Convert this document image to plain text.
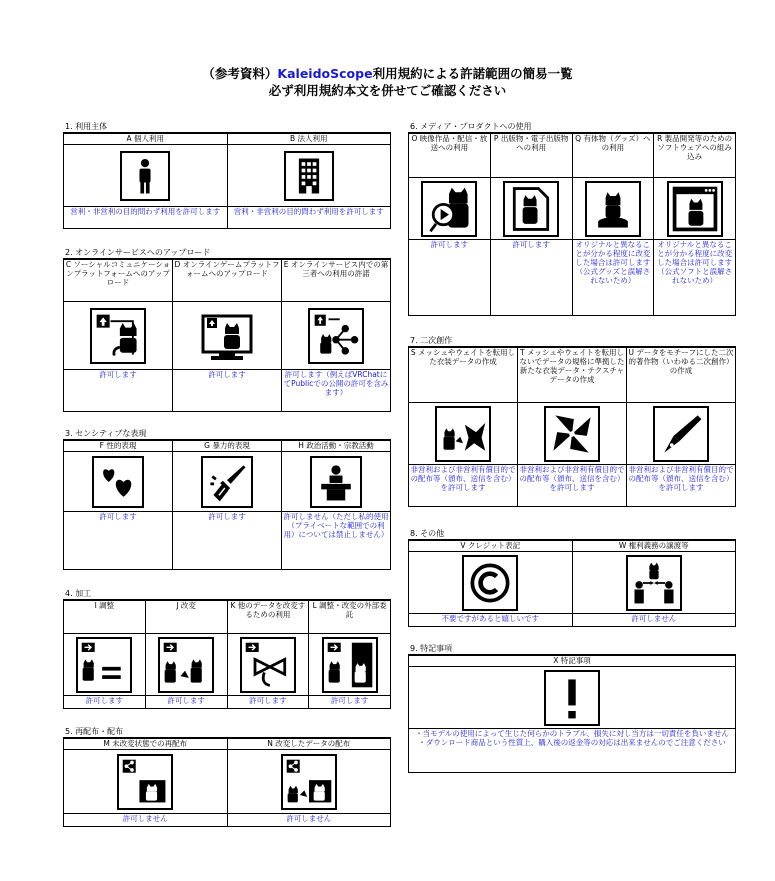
（参考資料）KaleidoScope利用規約による許諾範囲の簡易一覧
必ず利用規約本文を併せてご確認ください
1. 利用主体
A 個人利用	B 法人利用

営利・非営利の目的問わず利用を許可します	営利・非営利の目的問わず利用を許可します
2. オンラインサービスへのアップロード
C ソーシャルコミュニケーションプラットフォームへのアップロード	D オンラインゲームプラットフォームへのアップロード	E オンラインサービス内での第三者への利用の許諾

許可します	許可します	許可します（例えばVRChatにてPublicでの公開の許可を含みます）
3. センシティブな表現
F 性的表現	G 暴力的表現	H 政治活動・宗教活動

許可します	許可します	許可しません（ただし私的使用（プライベートな範囲での利用）については禁止しません）
4. 加工
I 調整	J 改変	K 他のデータを改変するための利用	L 調整・改変の外部委託

許可します	許可します	許可します	許可します
5. 再配布・配布
M 未改変状態での再配布	N 改変したデータの配布

許可しません	許可しません
6. メディア・プロダクトへの使用
O 映像作品・配信・放送への利用	P 出版物・電子出版物への利用	Q 有体物（グッズ）への利用	R 製品開発等のためのソフトウェアへの組み込み

許可します	許可します	オリジナルと異なることが分かる程度に改変した場合は許可します（公式グッズと誤解されないため）	オリジナルと異なることが分かる程度に改変した場合は許可します（公式ソフトと誤解されないため）
7. 二次創作
S メッシュやウェイトを転用した衣装データの作成	T メッシュやウェイトを転用しないでデータの規格に準拠した新たな衣装データ・テクスチャデータの作成	U データをモチーフにした二次的著作物（いわゆる二次創作）の作成

非営利および非営利有償目的での配布等（頒布、送信を含む）を許可します	非営利および非営利有償目的での配布等（頒布、送信を含む）を許可します	非営利および非営利有償目的での配布等（頒布、送信を含む）を許可します
8. その他
V クレジット表記	W 権利義務の譲渡等

不要ですがあると嬉しいです	許可しません
9. 特記事項
X 特記事項

・当モデルの使用によって生じた何らかのトラブル、損失に対し当方は一切責任を負いません
・ダウンロード商品という性質上、購入後の返金等の対応は出来ませんのでご注意ください
